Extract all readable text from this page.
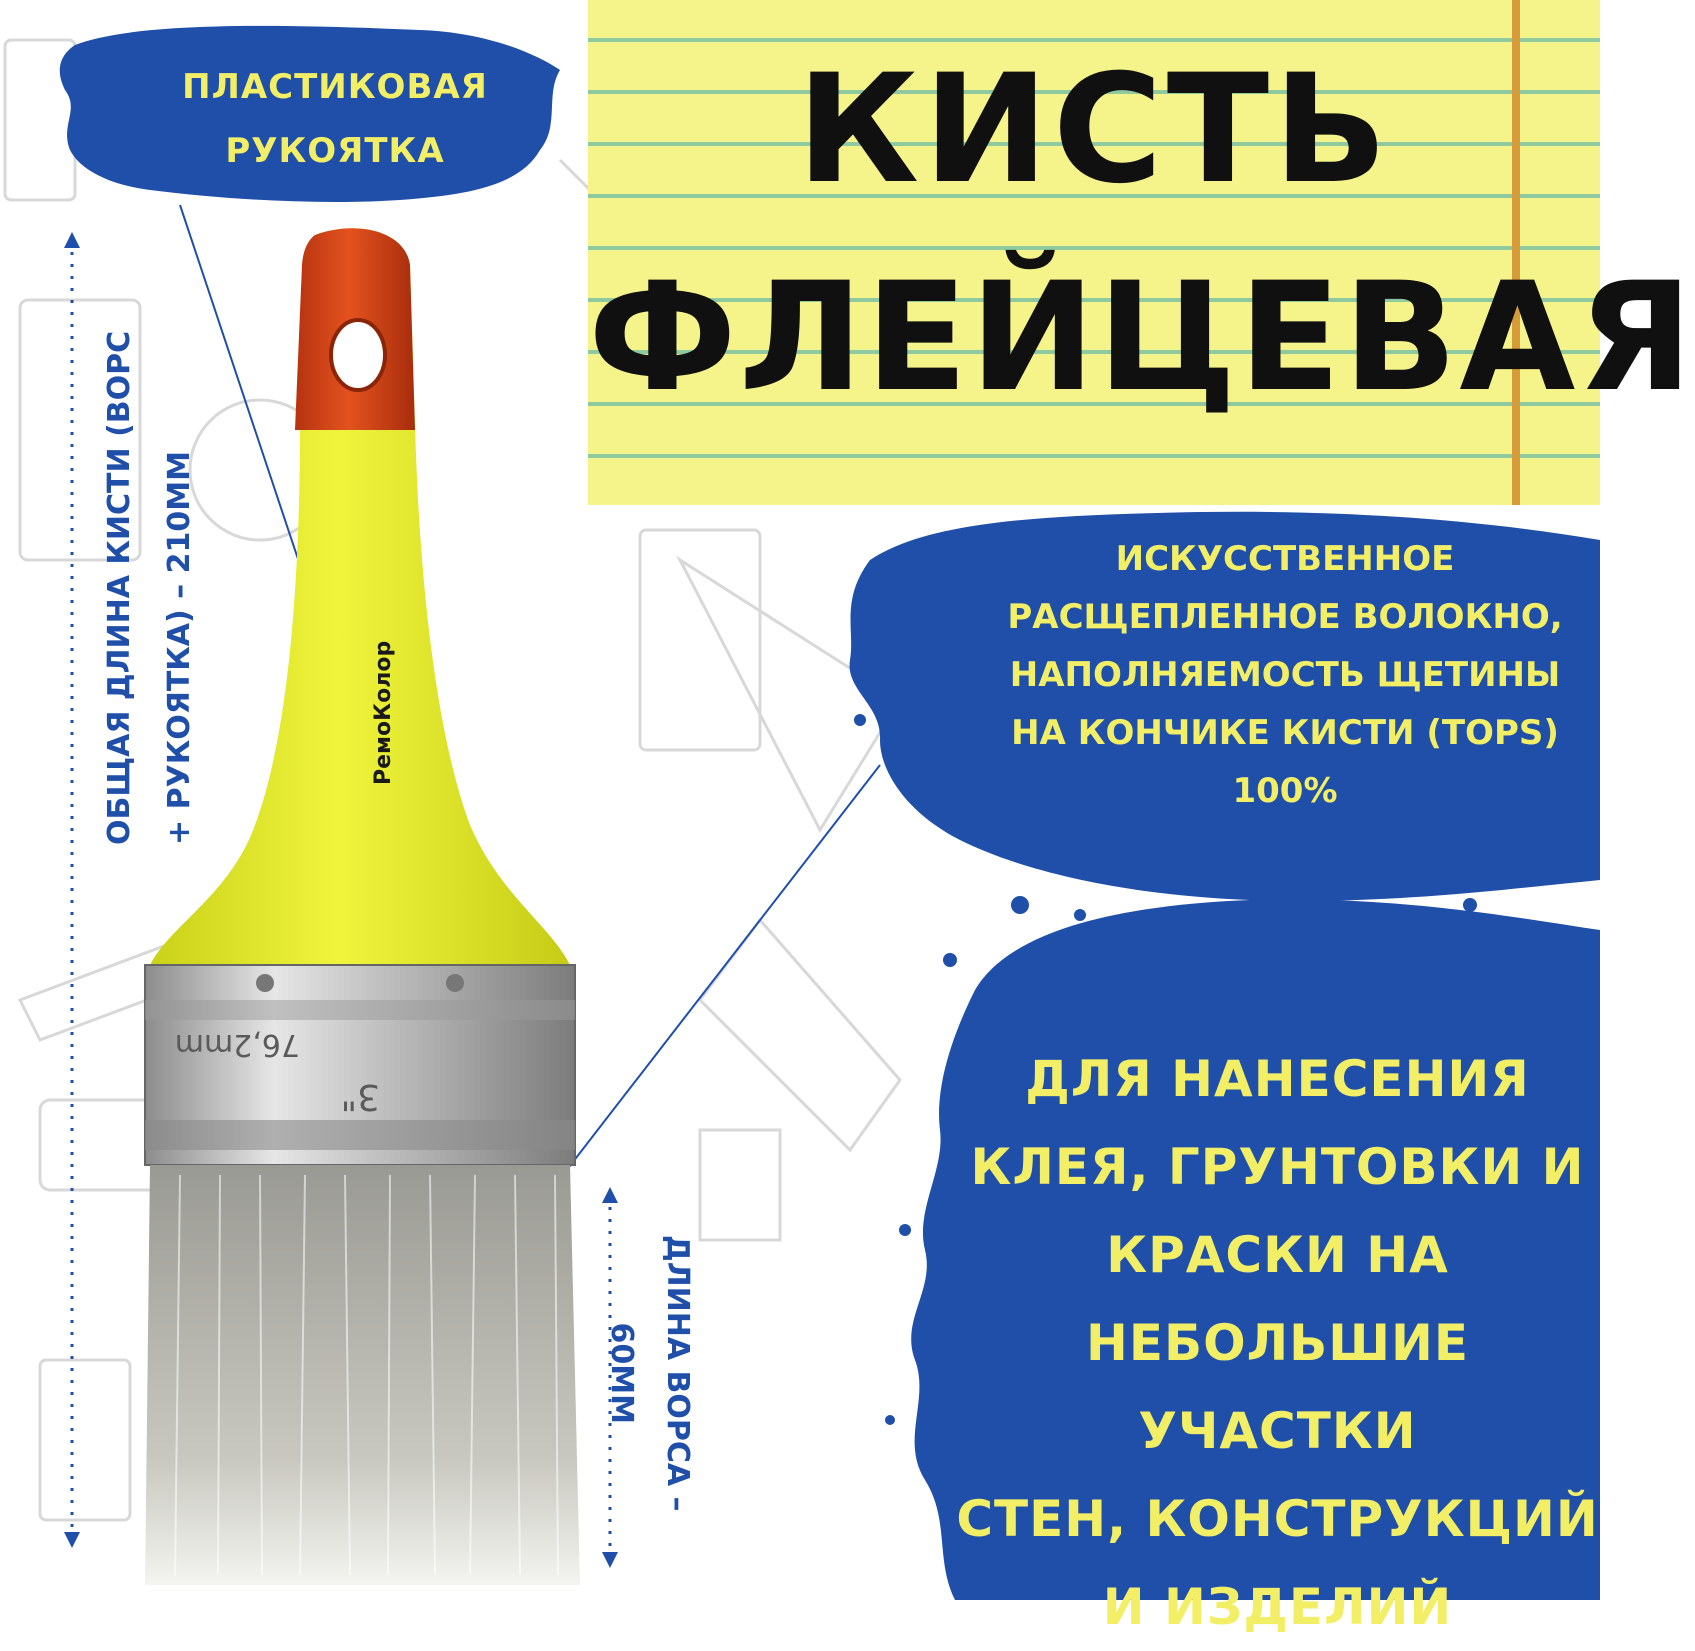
КИСТЬ
ФЛЕЙЦЕВАЯ
РемоКолор
76,2mm
3"
ПЛАСТИКОВАЯ
РУКОЯТКА
ИСКУССТВЕННОЕ
РАСЩЕПЛЕННОЕ ВОЛОКНО,
НАПОЛНЯЕМОСТЬ ЩЕТИНЫ
НА КОНЧИКЕ КИСТИ (TOPS)
100%
ДЛЯ НАНЕСЕНИЯ
КЛЕЯ, ГРУНТОВКИ И
КРАСКИ НА
НЕБОЛЬШИЕ УЧАСТКИ
СТЕН, КОНСТРУКЦИЙ
И ИЗДЕЛИЙ
ОБЩАЯ ДЛИНА КИСТИ (ВОРС + РУКОЯТКА) – 210ММ
ДЛИНА ВОРСА –
60ММ
